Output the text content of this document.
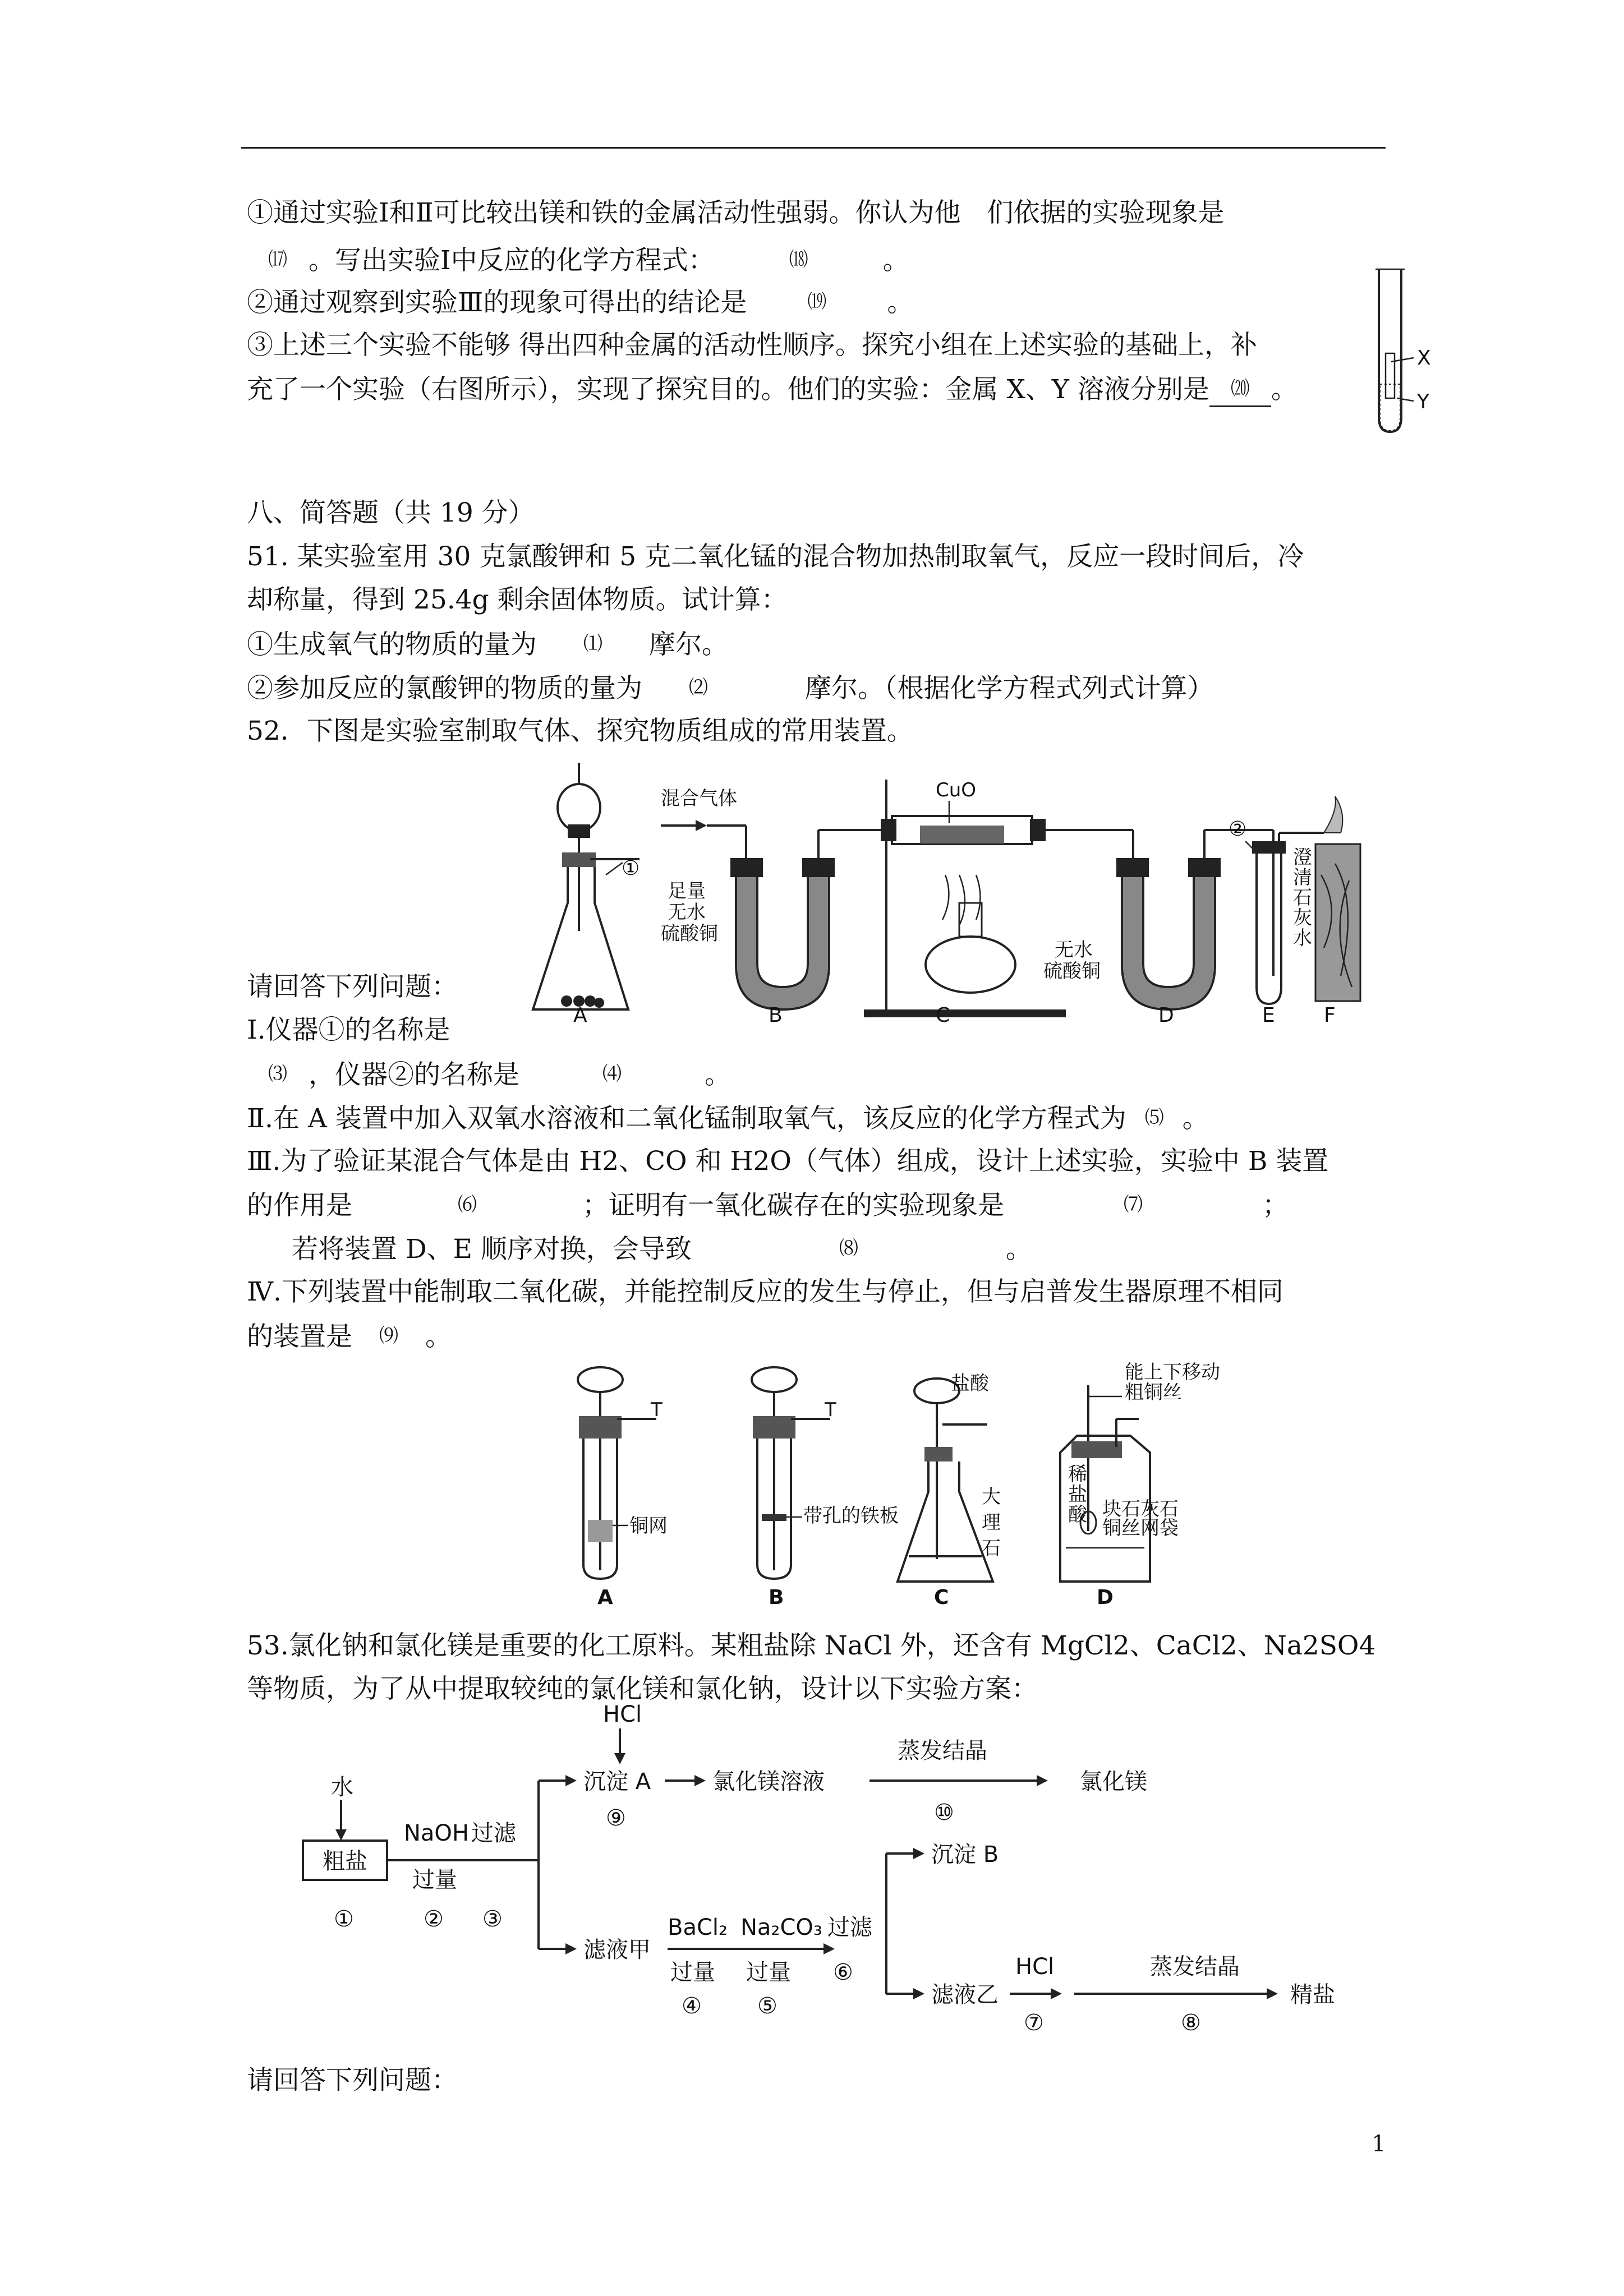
①通过实验Ⅰ和Ⅱ可比较出镁和铁的金属活动性强弱。你认为他　们依据的实验现象是
⒄ 。写出实验Ⅰ中反应的化学方程式：	⒅	。
②通过观察到实验Ⅲ的现象可得出的结论是	⒆ 。
③上述三个实验不能够 得出四种金属的活动性顺序。探究小组在上述实验的基础上，补
充了一个实验（右图所示），实现了探究目的。他们的实验：金属 X、Y 溶液分别是 ⒇ 。
X
Y
八、简答题（共 19 分）
51. 某实验室用 30 克氯酸钾和 5 克二氧化锰的混合物加热制取氧气，反应一段时间后，冷
却称量，得到 25.4g 剩余固体物质。试计算：
①生成氧气的物质的量为 ⑴ 摩尔。
②参加反应的氯酸钾的物质的量为 ⑵	摩尔。（根据化学方程式列式计算）
52．下图是实验室制取气体、探究物质组成的常用装置。
①
混合气体
足量
无水
硫酸铜
CuO
无水
硫酸铜
②
澄
清
石
灰
水
A	B	C	D	E F
请回答下列问题：
Ⅰ.仪器①的名称是
⑶ ，仪器②的名称是	⑷	。
Ⅱ.在 A 装置中加入双氧水溶液和二氧化锰制取氧气，该反应的化学方程式为 ⑸ 。
Ⅲ.为了验证某混合气体是由 H2、CO 和 H2O（气体）组成，设计上述实验，实验中 B 装置
的作用是	⑹	；证明有一氧化碳存在的实验现象是	⑺	；
若将装置 D、E 顺序对换，会导致	⑻	。
Ⅳ.下列装置中能制取二氧化碳，并能控制反应的发生与停止，但与启普发生器原理不相同
的装置是 ⑼ 。
T
铜网
T
带孔的铁板
盐酸
大
理
石
能上下移动
粗铜丝
稀
盐
酸 块石灰石
铜丝网袋
A	B	C	D
53.氯化钠和氯化镁是重要的化工原料。某粗盐除 NaCl 外，还含有 MgCl2、CaCl2、Na2SO4
等物质，为了从中提取较纯的氯化镁和氯化钠，设计以下实验方案：
水
粗盐
①
NaOH 过滤
过量
② ③
HCl
沉淀 A
⑨
氯化镁溶液
蒸发结晶
⑩
氯化镁
滤液甲
BaCl₂
过量
④
Na₂CO₃
过量
⑤
过滤
⑥
沉淀 B
滤液乙
HCl
⑦
蒸发结晶
⑧
精盐
请回答下列问题：
1
